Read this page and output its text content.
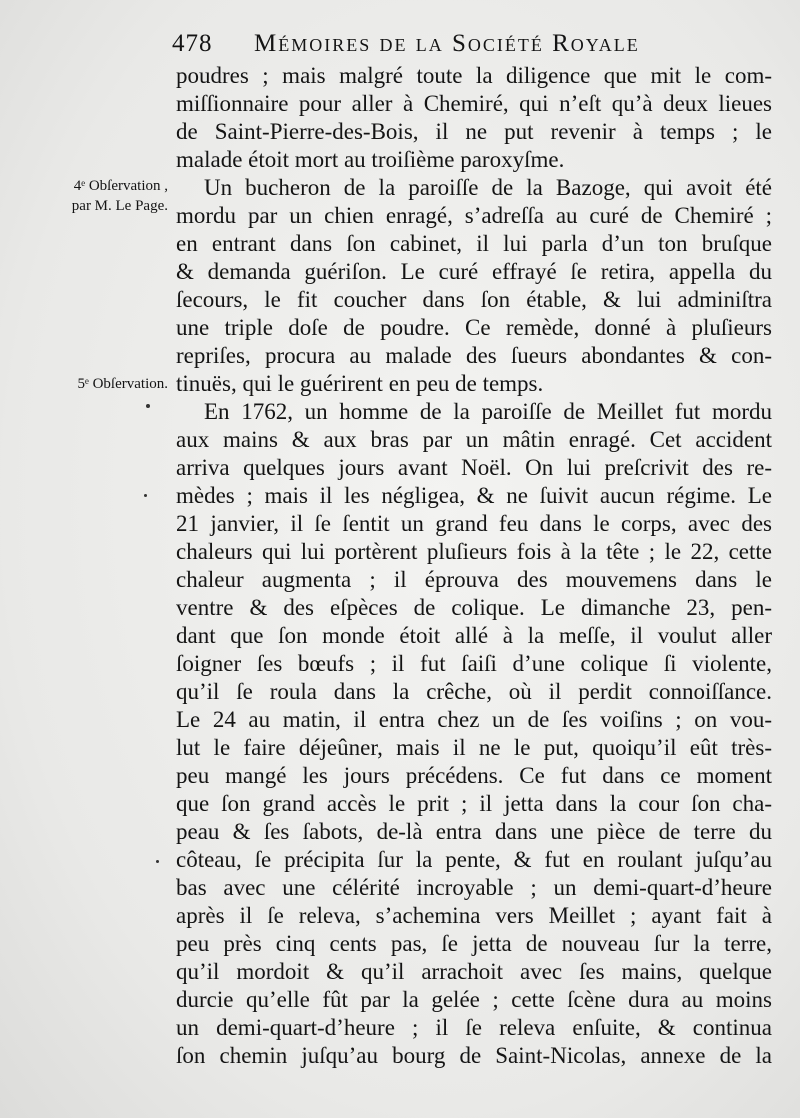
478 Mémoires de la Société Royale
4ᵉ Obſervation ,
par M. Le Page.
5ᵉ Obſervation.
poudres ; mais malgré toute la diligence que mit le com-
miſſionnaire pour aller à Chemiré, qui n’eſt qu’à deux lieues
de Saint-Pierre-des-Bois, il ne put revenir à temps ; le
malade étoit mort au troiſième paroxyſme.
Un bucheron de la paroiſſe de la Bazoge, qui avoit été
mordu par un chien enragé, s’adreſſa au curé de Chemiré ;
en entrant dans ſon cabinet, il lui parla d’un ton bruſque
& demanda guériſon. Le curé effrayé ſe retira, appella du
ſecours, le fit coucher dans ſon étable, & lui adminiſtra
une triple doſe de poudre. Ce remède, donné à pluſieurs
repriſes, procura au malade des ſueurs abondantes & con-
tinuës, qui le guérirent en peu de temps.
En 1762, un homme de la paroiſſe de Meillet fut mordu
aux mains & aux bras par un mâtin enragé. Cet accident
arriva quelques jours avant Noël. On lui preſcrivit des re-
mèdes ; mais il les négligea, & ne ſuivit aucun régime. Le
21 janvier, il ſe ſentit un grand feu dans le corps, avec des
chaleurs qui lui portèrent pluſieurs fois à la tête ; le 22, cette
chaleur augmenta ; il éprouva des mouvemens dans le
ventre & des eſpèces de colique. Le dimanche 23, pen-
dant que ſon monde étoit allé à la meſſe, il voulut aller
ſoigner ſes bœufs ; il fut ſaiſi d’une colique ſi violente,
qu’il ſe roula dans la crêche, où il perdit connoiſſance.
Le 24 au matin, il entra chez un de ſes voiſins ; on vou-
lut le faire déjeûner, mais il ne le put, quoiqu’il eût très-
peu mangé les jours précédens. Ce fut dans ce moment
que ſon grand accès le prit ; il jetta dans la cour ſon cha-
peau & ſes ſabots, de-là entra dans une pièce de terre du
côteau, ſe précipita ſur la pente, & fut en roulant juſqu’au
bas avec une célérité incroyable ; un demi-quart-d’heure
après il ſe releva, s’achemina vers Meillet ; ayant fait à
peu près cinq cents pas, ſe jetta de nouveau ſur la terre,
qu’il mordoit & qu’il arrachoit avec ſes mains, quelque
durcie qu’elle fût par la gelée ; cette ſcène dura au moins
un demi-quart-d’heure ; il ſe releva enſuite, & continua
ſon chemin juſqu’au bourg de Saint-Nicolas, annexe de la
